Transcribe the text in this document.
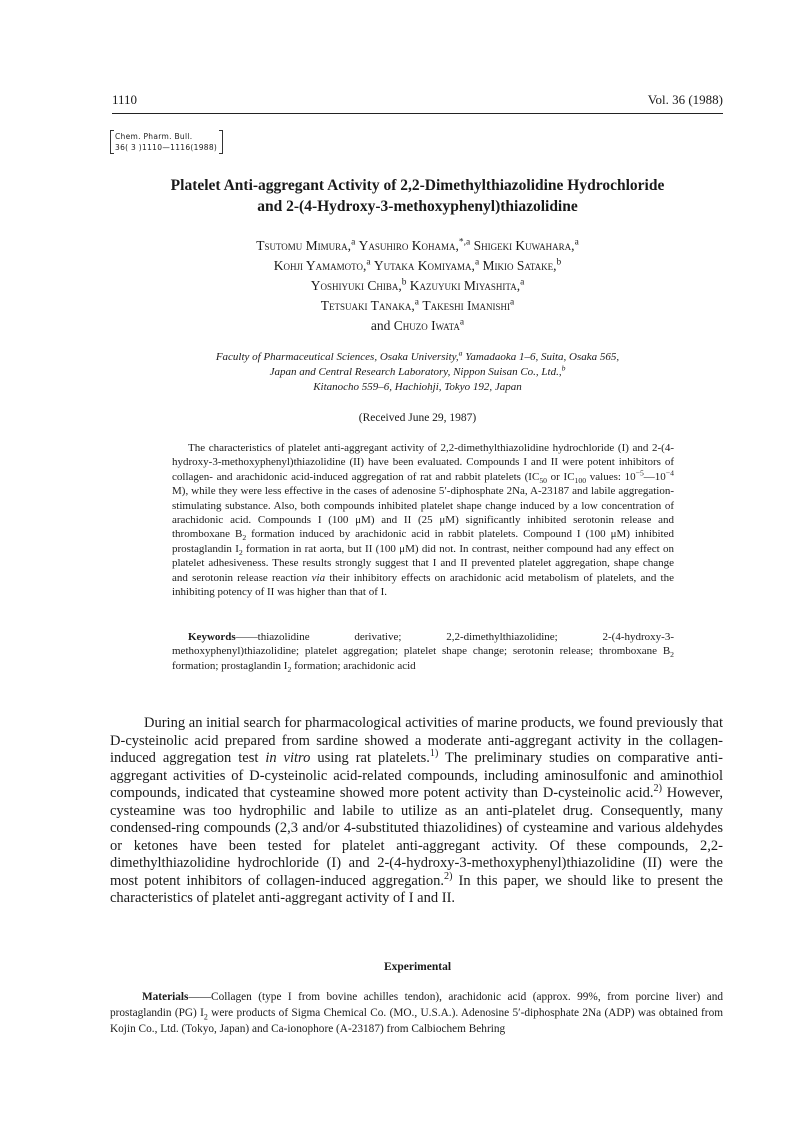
1110	Vol. 36 (1988)
Chem. Pharm. Bull.
36( 3 )1110—1116(1988)
Platelet Anti-aggregant Activity of 2,2-Dimethylthiazolidine Hydrochloride
and 2-(4-Hydroxy-3-methoxyphenyl)thiazolidine
Tsutomu Mimura,$^a$ Yasuhiro Kohama,$^{*,a}$ Shigeki Kuwahara,$^a$
Kohji Yamamoto,$^a$ Yutaka Komiyama,$^a$ Mikio Satake,$^b$
Yoshiyuki Chiba,$^b$ Kazuyuki Miyashita,$^a$
Tetsuaki Tanaka,$^a$ Takeshi Imanishi$^a$
and Chuzo Iwata$^a$
Faculty of Pharmaceutical Sciences, Osaka University,$^a$ Yamadaoka 1–6, Suita, Osaka 565,
Japan and Central Research Laboratory, Nippon Suisan Co., Ltd.,$^b$
Kitanocho 559–6, Hachiohji, Tokyo 192, Japan
(Received June 29, 1987)

The characteristics of platelet anti-aggregant activity of 2,2-dimethylthiazolidine hydrochloride (I) and 2-(4-hydroxy-3-methoxyphenyl)thiazolidine (II) have been evaluated. Compounds I and II were potent inhibitors of collagen- and arachidonic acid-induced aggregation of rat and rabbit platelets ($IC_{50}$ or $IC_{100}$ values: $10^{-5}—10^{-4}$ M), while they were less effective in the cases of adenosine 5′-diphosphate 2Na, A-23187 and labile aggregation-stimulating substance. Also, both compounds inhibited platelet shape change induced by a low concentration of arachidonic acid. Compounds I (100 μM) and II (25 μM) significantly inhibited serotonin release and thromboxane $B_2$ formation induced by arachidonic acid in rabbit platelets. Compound I (100 μM) inhibited prostaglandin $I_2$ formation in rat aorta, but II (100 μM) did not. In contrast, neither compound had any effect on platelet adhesiveness. These results strongly suggest that I and II prevented platelet aggregation, shape change and serotonin release reaction via their inhibitory effects on arachidonic acid metabolism of platelets, and the inhibiting potency of II was higher than that of I.

Keywords——thiazolidine derivative; 2,2-dimethylthiazolidine; 2-(4-hydroxy-3-methoxyphenyl)thiazolidine; platelet aggregation; platelet shape change; serotonin release; thromboxane $B_2$ formation; prostaglandin $I_2$ formation; arachidonic acid

During an initial search for pharmacological activities of marine products, we found previously that D-cysteinolic acid prepared from sardine showed a moderate anti-aggregant activity in the collagen-induced aggregation test in vitro using rat platelets.$^{1)}$ The preliminary studies on comparative anti-aggregant activities of D-cysteinolic acid-related compounds, including aminosulfonic and aminothiol compounds, indicated that cysteamine showed more potent activity than D-cysteinolic acid.$^{2)}$ However, cysteamine was too hydrophilic and labile to utilize as an anti-platelet drug. Consequently, many condensed-ring compounds (2,3 and/or 4-substituted thiazolidines) of cysteamine and various aldehydes or ketones have been tested for platelet anti-aggregant activity. Of these compounds, 2,2-dimethylthiazolidine hydrochloride (I) and 2-(4-hydroxy-3-methoxyphenyl)thiazolidine (II) were the most potent inhibitors of collagen-induced aggregation.$^{2)}$ In this paper, we should like to present the characteristics of platelet anti-aggregant activity of I and II.

Experimental

Materials——Collagen (type I from bovine achilles tendon), arachidonic acid (approx. 99%, from porcine liver) and prostaglandin (PG) $I_2$ were products of Sigma Chemical Co. (MO., U.S.A.). Adenosine 5′-diphosphate 2Na (ADP) was obtained from Kojin Co., Ltd. (Tokyo, Japan) and Ca-ionophore (A-23187) from Calbiochem Behring
